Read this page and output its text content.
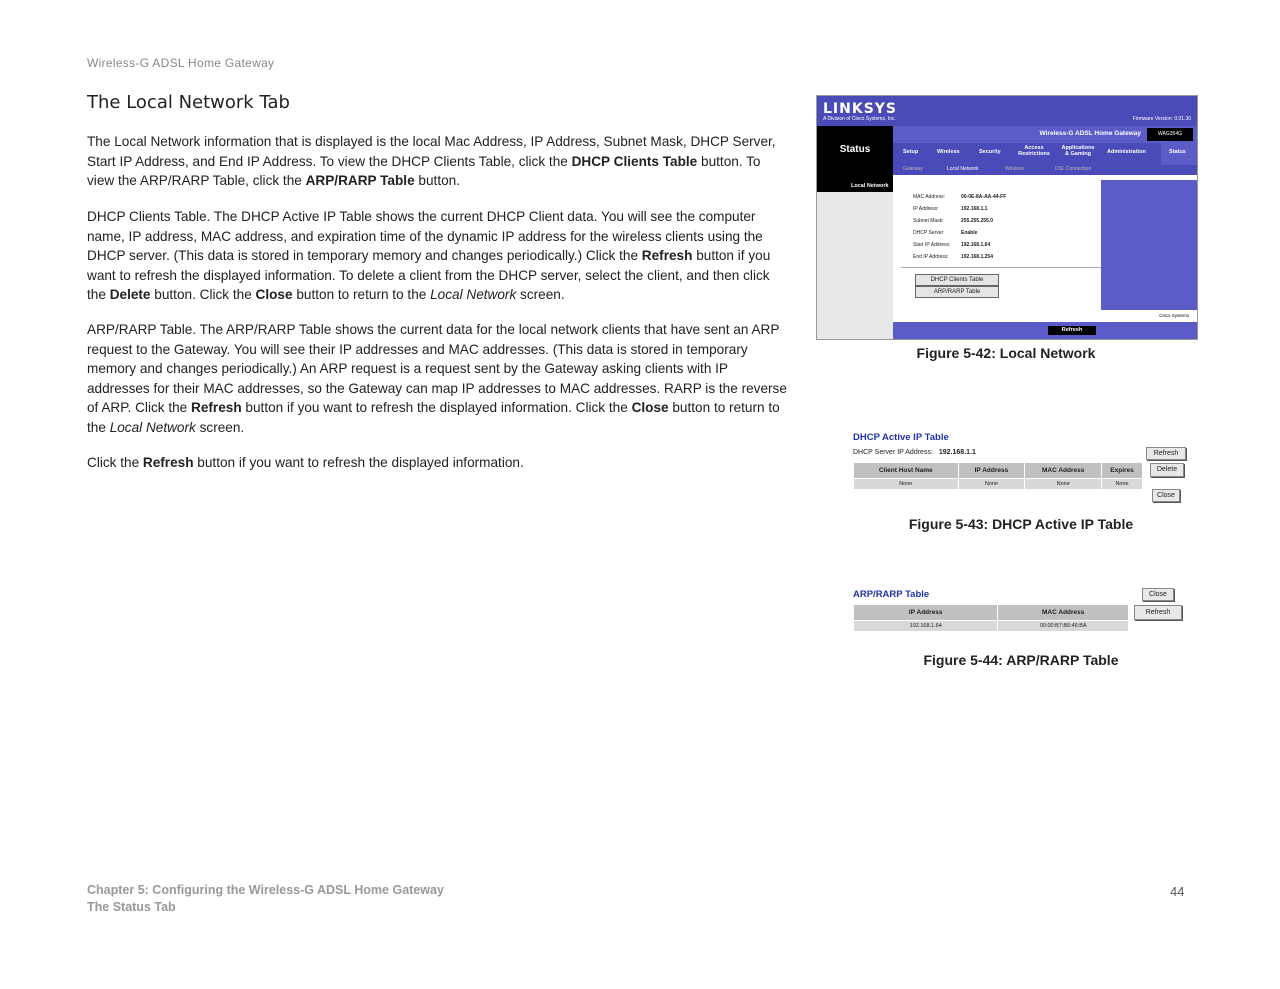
Wireless-G ADSL Home Gateway
The Local Network Tab

The Local Network information that is displayed is the local Mac Address, IP Address, Subnet Mask, DHCP Server, Start IP Address, and End IP Address. To view the DHCP Clients Table, click the DHCP Clients Table button. To view the ARP/RARP Table, click the ARP/RARP Table button.

DHCP Clients Table. The DHCP Active IP Table shows the current DHCP Client data. You will see the computer name, IP address, MAC address, and expiration time of the dynamic IP address for the wireless clients using the DHCP server. (This data is stored in temporary memory and changes periodically.) Click the Refresh button if you want to refresh the displayed information. To delete a client from the DHCP server, select the client, and then click the Delete button. Click the Close button to return to the Local Network screen.

ARP/RARP Table. The ARP/RARP Table shows the current data for the local network clients that have sent an ARP request to the Gateway. You will see their IP addresses and MAC addresses. (This data is stored in temporary memory and changes periodically.) An ARP request is a request sent by the Gateway asking clients with IP addresses for their MAC addresses, so the Gateway can map IP addresses to MAC addresses. RARP is the reverse of ARP. Click the Refresh button if you want to refresh the displayed information. Click the Close button to return to the Local Network screen.

Click the Refresh button if you want to refresh the displayed information.

LINKSYS
A Division of Cisco Systems, Inc.	Firmware Version: 0.01.30
Status
Wireless-G ADSL Home Gateway	WAG354G
Setup	Wireless	Security
Access Restrictions
Applications & Gaming	Administration	Status
Gateway	Local Network	Wireless	DSL Connection
Local Network
MAC Address:	00-0E-8A-AA-44-FF
IP Address:	192.168.1.1
Subnet Mask:	255.255.255.0
DHCP Server:	Enable
Start IP Address:	192.168.1.64
End IP Address:	192.168.1.254
DHCP Clients Table
ARP/RARP Table
Refresh
Cisco Systems
Figure 5-42: Local Network
DHCP Active IP Table
DHCP Server IP Address: 192.168.1.1	Refresh
Client Host Name	IP Address	MAC Address	Expires
None	None	None	None
Delete
Close
Figure 5-43: DHCP Active IP Table
ARP/RARP Table	Close
IP Address	MAC Address
192.168.1.64	00:00:B7:B6:46:BA
Refresh
Figure 5-44: ARP/RARP Table
Chapter 5: Configuring the Wireless-G ADSL Home Gateway
The Status Tab
44
